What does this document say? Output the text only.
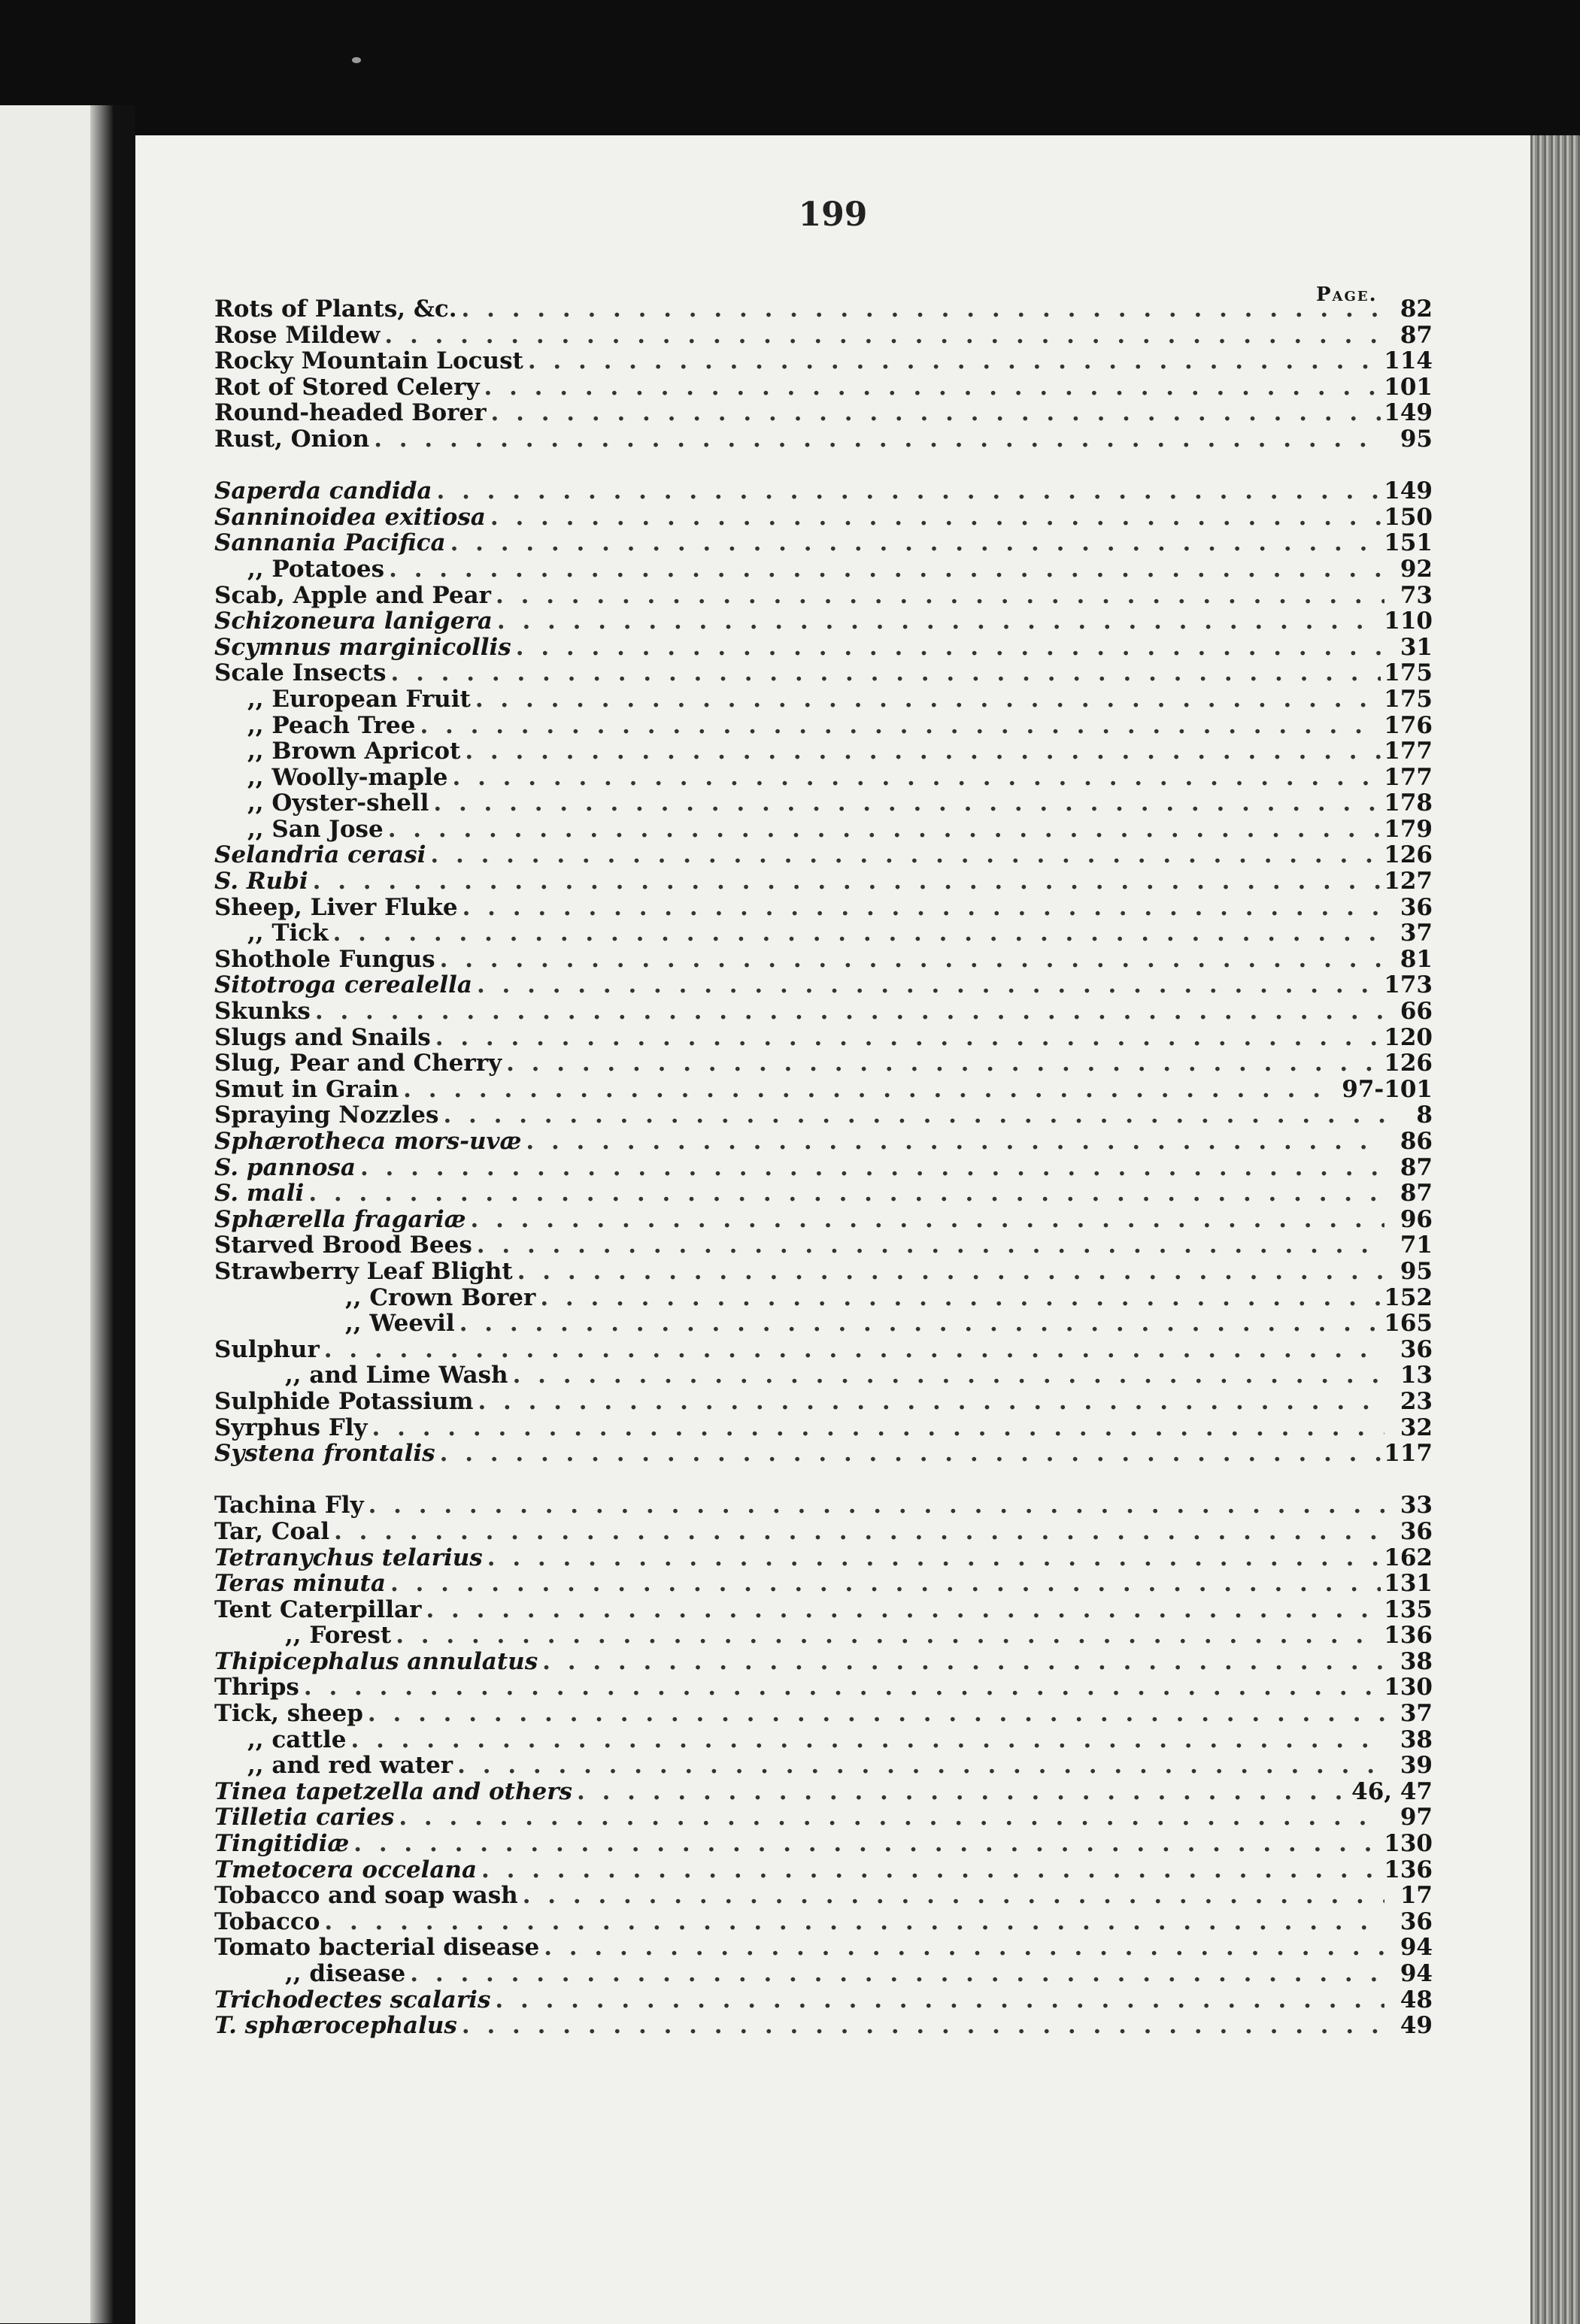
199
Page.
Rots of Plants, &c. . . .	82
Rose Mildew . . .	87
Rocky Mountain Locust . . .	114
Rot of Stored Celery . . .	101
Round-headed Borer . . .	149
Rust, Onion . . .	95
Saperda candida . . .	149
Sanninoidea exitiosa . . .	150
Sannania Pacifica . . .	151
,, Potatoes . . .	92
Scab, Apple and Pear . . .	73
Schizoneura lanigera . . .	110
Scymnus marginicollis . . .	31
Scale Insects . . .	175
,, European Fruit . . .	175
,, Peach Tree . . .	176
,, Brown Apricot . . .	177
,, Woolly-maple . . .	177
,, Oyster-shell . . .	178
,, San Jose . . .	179
Selandria cerasi . . .	126
S. Rubi . . .	127
Sheep, Liver Fluke . . .	36
,, Tick . . .	37
Shothole Fungus . . .	81
Sitotroga cerealella . . .	173
Skunks . . .	66
Slugs and Snails . . .	120
Slug, Pear and Cherry . . .	126
Smut in Grain . . .	97-101
Spraying Nozzles . . .	8
Sphærotheca mors-uvæ . . .	86
S. pannosa . . .	87
S. mali . . .	87
Sphærella fragariæ . . .	96
Starved Brood Bees . . .	71
Strawberry Leaf Blight . . .	95
,, Crown Borer . . .	152
,, Weevil . . .	165
Sulphur . . .	36
,, and Lime Wash . . .	13
Sulphide Potassium . . .	23
Syrphus Fly . . .	32
Systena frontalis . . .	117
Tachina Fly . . .	33
Tar, Coal . . .	36
Tetranychus telarius . . .	162
Teras minuta . . .	131
Tent Caterpillar . . .	135
,, Forest . . .	136
Thipicephalus annulatus . . .	38
Thrips . . .	130
Tick, sheep . . .	37
,, cattle . . .	38
,, and red water . . .	39
Tinea tapetzella and others . . .	46, 47
Tilletia caries . . .	97
Tingitidiæ . . .	130
Tmetocera occelana . . .	136
Tobacco and soap wash . . .	17
Tobacco . . .	36
Tomato bacterial disease . . .	94
,, disease . . .	94
Trichodectes scalaris . . .	48
T. sphærocephalus . . .	49
